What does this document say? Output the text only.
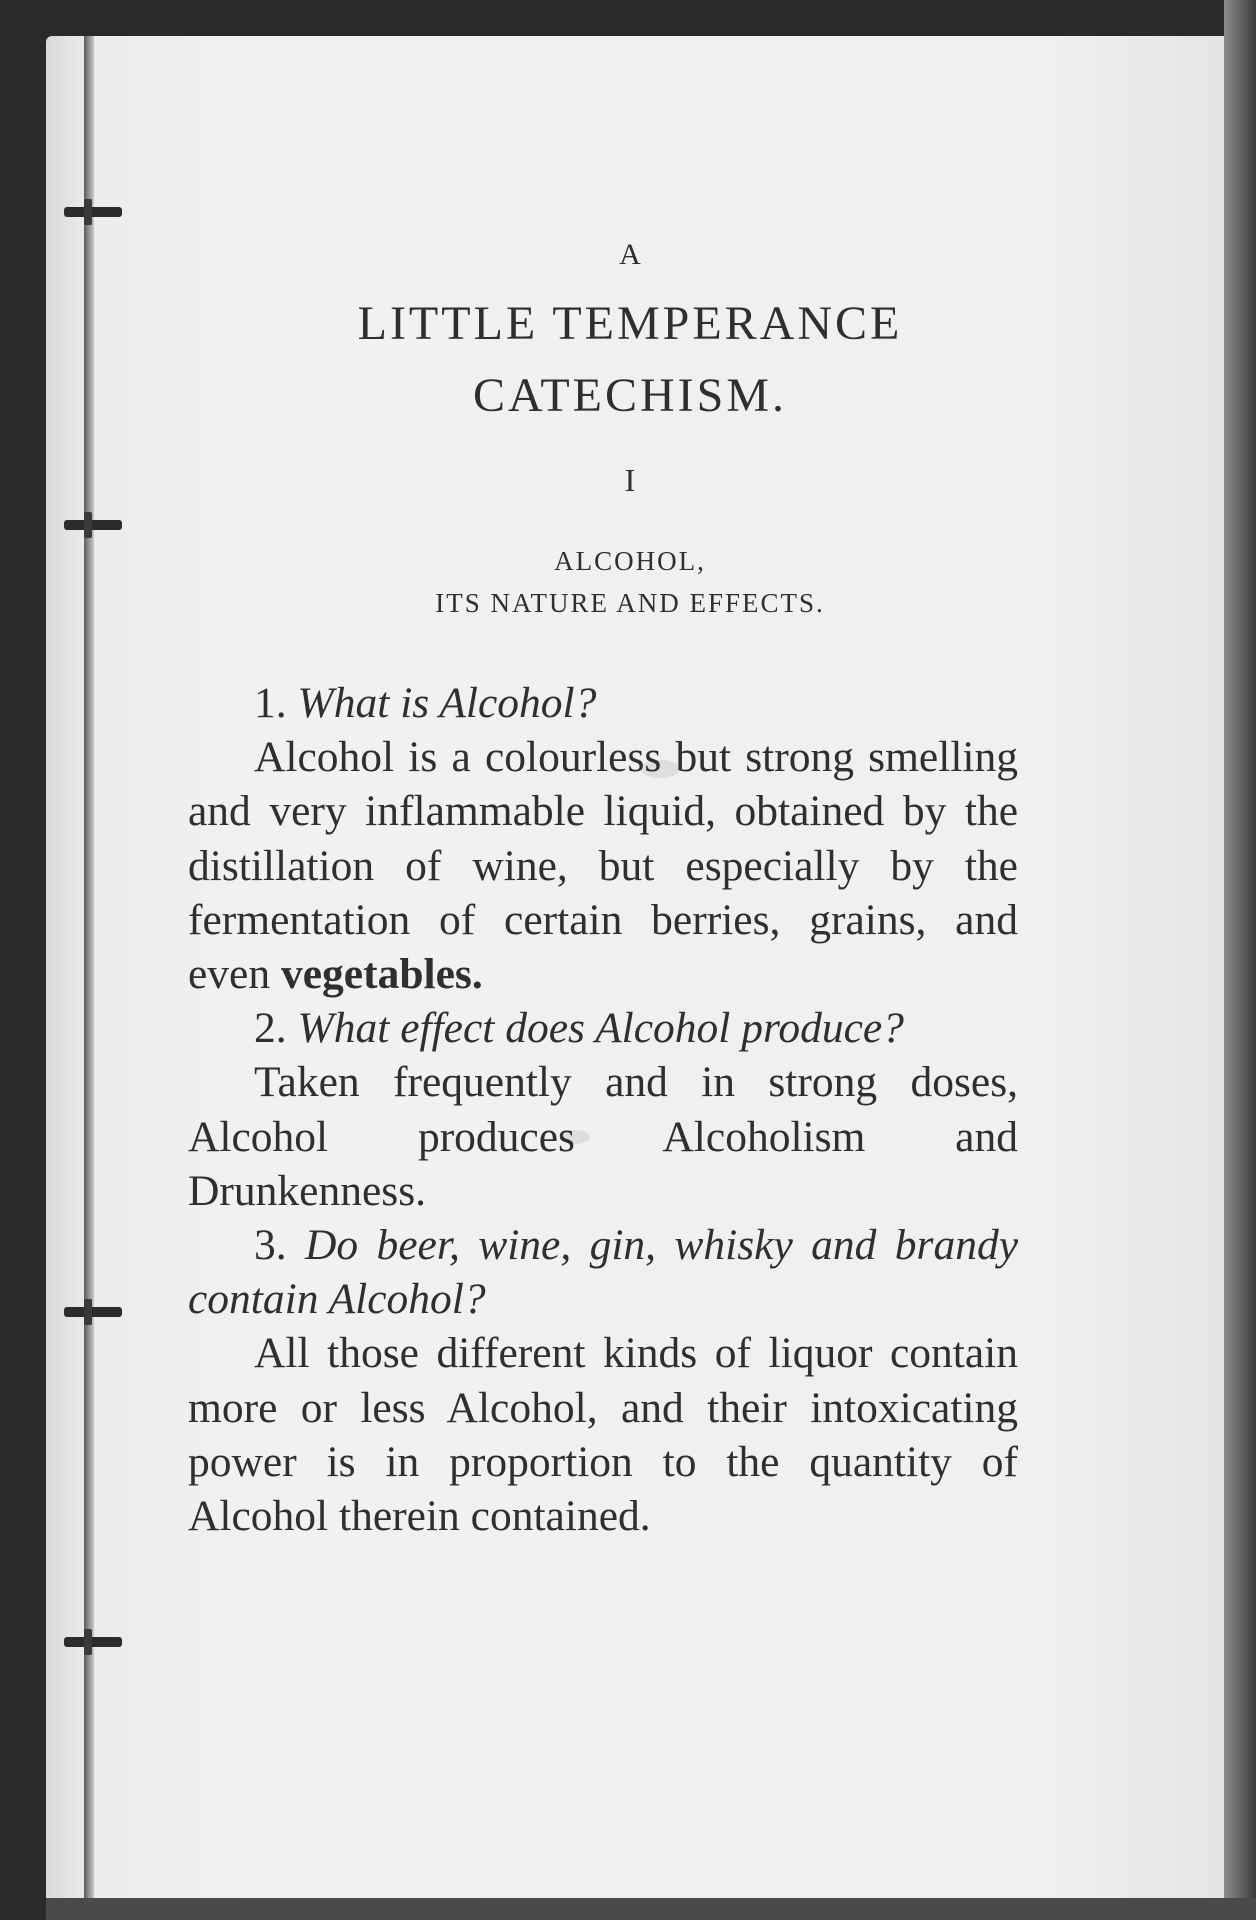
A
LITTLE TEMPERANCE
CATECHISM.
I
ALCOHOL,
ITS NATURE AND EFFECTS.

1. What is Alcohol?

Alcohol is a colourless but strong smelling and very inflammable liquid, obtained by the distillation of wine, but especially by the fermentation of certain berries, grains, and even vegetables.

2. What effect does Alcohol produce?

Taken frequently and in strong doses, Alcohol produces Alcoholism and Drunkenness.

3. Do beer, wine, gin, whisky and brandy contain Alcohol?

All those different kinds of liquor contain more or less Alcohol, and their intoxicating power is in proportion to the quantity of Alcohol therein contained.
